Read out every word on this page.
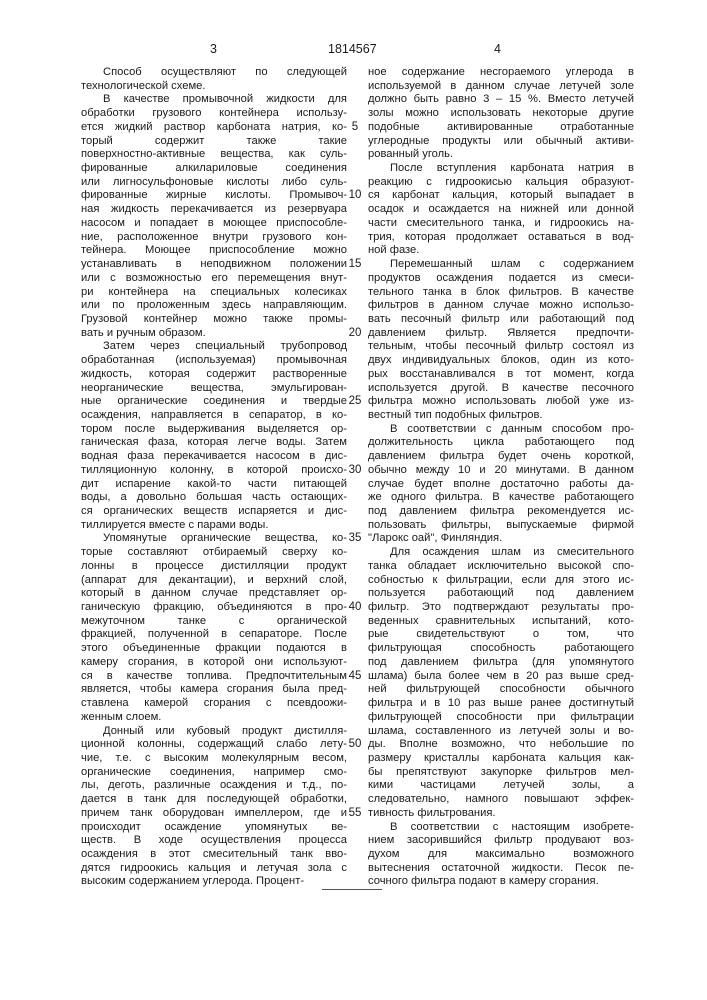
3	1814567	4
Способ осуществляют по следующей
технологической схеме.
В качестве промывочной жидкости для
обработки грузового контейнера использу-
ется жидкий раствор карбоната натрия, ко-
торый содержит также такие
поверхностно-активные вещества, как суль-
фированные алкилариловые соединения
или лигносульфоновые кислоты либо суль-
фированные жирные кислоты. Промывоч-
ная жидкость перекачивается из резервуара
насосом и попадает в моющее приспособле-
ние, расположенное внутри грузового кон-
тейнера. Моющее приспособление можно
устанавливать в неподвижном положении
или с возможностью его перемещения внут-
ри контейнера на специальных колесиках
или по проложенным здесь направляющим.
Грузовой контейнер можно также промы-
вать и ручным образом.
Затем через специальный трубопровод
обработанная (используемая) промывочная
жидкость, которая содержит растворенные
неорганические вещества, эмульгирован-
ные органические соединения и твердые
осаждения, направляется в сепаратор, в ко-
тором после выдерживания выделяется ор-
ганическая фаза, которая легче воды. Затем
водная фаза перекачивается насосом в дис-
тилляционную колонну, в которой происхо-
дит испарение какой-то части питающей
воды, а довольно большая часть остающих-
ся органических веществ испаряется и дис-
тиллируется вместе с парами воды.
Упомянутые органические вещества, ко-
торые составляют отбираемый сверху ко-
лонны в процессе дистилляции продукт
(аппарат для декантации), и верхний слой,
который в данном случае представляет ор-
ганическую фракцию, объединяются в про-
межуточном танке с органической
фракцией, полученной в сепараторе. После
этого объединенные фракции подаются в
камеру сгорания, в которой они используют-
ся в качестве топлива. Предпочтительным
является, чтобы камера сгорания была пред-
ставлена камерой сгорания с псевдоожи-
женным слоем.
Донный или кубовый продукт дистилля-
ционной колонны, содержащий слабо лету-
чие, т.е. с высоким молекулярным весом,
органические соединения, например смо-
лы, деготь, различные осаждения и т.д., по-
дается в танк для последующей обработки,
причем танк оборудован импеллером, где и
происходит осаждение упомянутых ве-
ществ. В ходе осуществления процесса
осаждения в этот смесительный танк вво-
дятся гидроокись кальция и летучая зола с
высоким содержанием углерода. Процент-
5
10
15
20
25
30
35
40
45
50
55
ное содержание несгораемого углерода в
используемой в данном случае летучей золе
должно быть равно 3 – 15 %. Вместо летучей
золы можно использовать некоторые другие
подобные активированные отработанные
углеродные продукты или обычный активи-
рованный уголь.
После вступления карбоната натрия в
реакцию с гидроокисью кальция образуют-
ся карбонат кальция, который выпадает в
осадок и осаждается на нижней или донной
части смесительного танка, и гидроокись на-
трия, которая продолжает оставаться в вод-
ной фазе.
Перемешанный шлам с содержанием
продуктов осаждения подается из смеси-
тельного танка в блок фильтров. В качестве
фильтров в данном случае можно использо-
вать песочный фильтр или работающий под
давлением фильтр. Является предпочти-
тельным, чтобы песочный фильтр состоял из
двух индивидуальных блоков, один из кото-
рых восстанавливался в тот момент, когда
используется другой. В качестве песочного
фильтра можно использовать любой уже из-
вестный тип подобных фильтров.
В соответствии с данным способом про-
должительность цикла работающего под
давлением фильтра будет очень короткой,
обычно между 10 и 20 минутами. В данном
случае будет вполне достаточно работы да-
же одного фильтра. В качестве работающего
под давлением фильтра рекомендуется ис-
пользовать фильтры, выпускаемые фирмой
"Ларокс оай", Финляндия.
Для осаждения шлам из смесительного
танка обладает исключительно высокой спо-
собностью к фильтрации, если для этого ис-
пользуется работающий под давлением
фильтр. Это подтверждают результаты про-
веденных сравнительных испытаний, кото-
рые свидетельствуют о том, что
фильтрующая способность работающего
под давлением фильтра (для упомянутого
шлама) была более чем в 20 раз выше сред-
ней фильтрующей способности обычного
фильтра и в 10 раз выше ранее достигнутый
фильтрующей способности при фильтрации
шлама, составленного из летучей золы и во-
ды. Вполне возможно, что небольшие по
размеру кристаллы карбоната кальция как-
бы препятствуют закупорке фильтров мел-
кими частицами летучей золы, а
следовательно, намного повышают эффек-
тивность фильтрования.
В соответствии с настоящим изобрете-
нием засорившийся фильтр продувают воз-
духом для максимально возможного
вытеснения остаточной жидкости. Песок пе-
сочного фильтра подают в камеру сгорания.
